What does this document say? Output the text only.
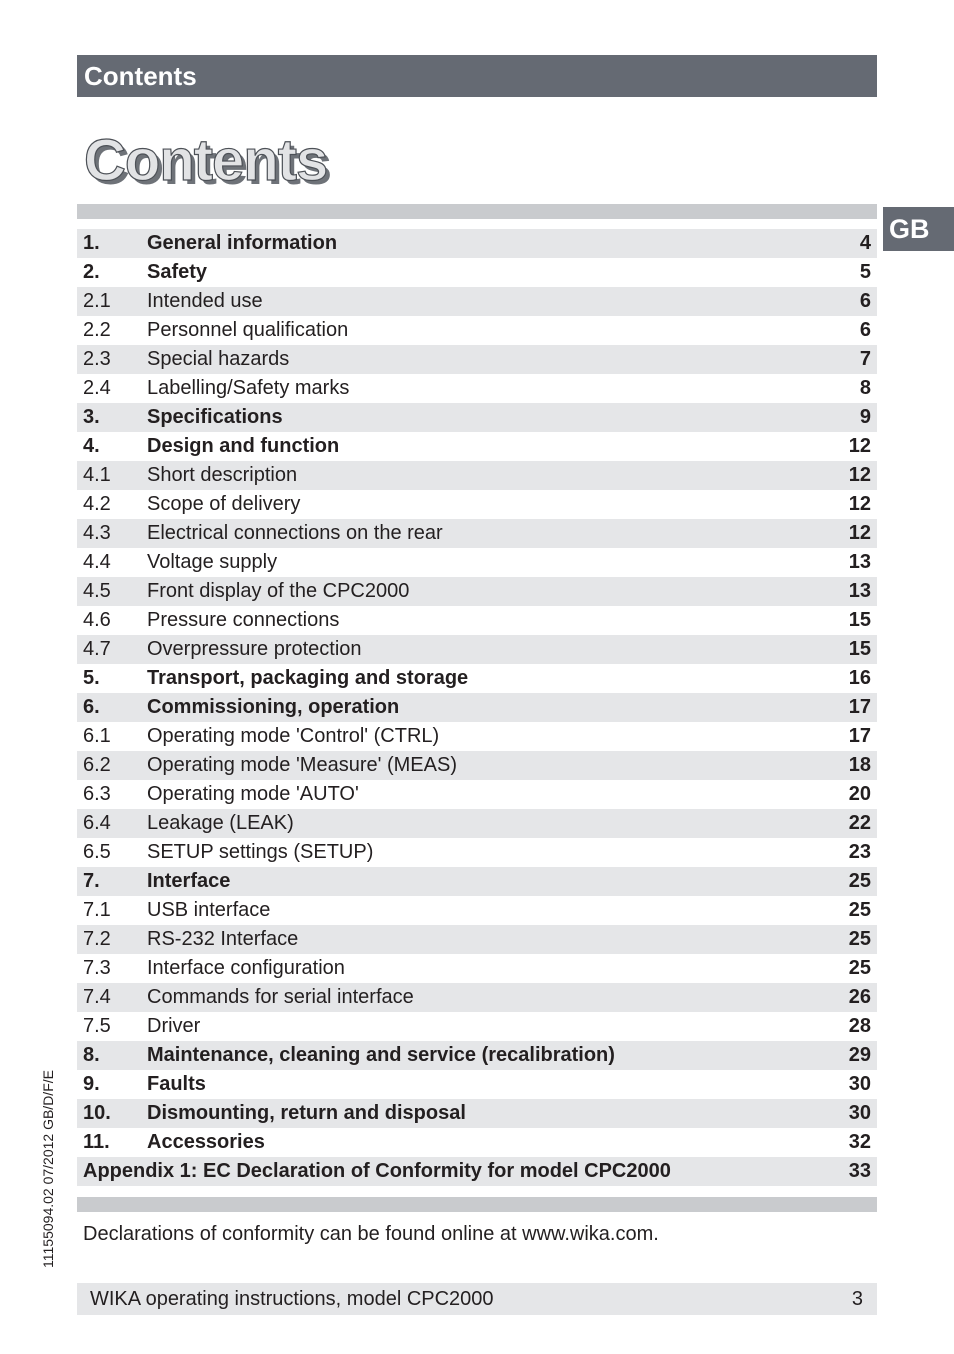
Contents
Contents
GB
1. General information	4
2. Safety	5
2.1 Intended use	6
2.2 Personnel qualification	6
2.3 Special hazards	7
2.4 Labelling/Safety marks	8
3. Specifications	9
4. Design and function	12
4.1 Short description	12
4.2 Scope of delivery	12
4.3 Electrical connections on the rear	12
4.4 Voltage supply	13
4.5 Front display of the CPC2000	13
4.6 Pressure connections	15
4.7 Overpressure protection	15
5. Transport, packaging and storage	16
6. Commissioning, operation	17
6.1 Operating mode 'Control' (CTRL)	17
6.2 Operating mode 'Measure' (MEAS)	18
6.3 Operating mode 'AUTO'	20
6.4 Leakage (LEAK)	22
6.5 SETUP settings (SETUP)	23
7. Interface	25
7.1 USB interface	25
7.2 RS-232 Interface	25
7.3 Interface configuration	25
7.4 Commands for serial interface	26
7.5 Driver	28
8. Maintenance, cleaning and service (recalibration)	29
9. Faults	30
10. Dismounting, return and disposal	30
11. Accessories	32
Appendix 1: EC Declaration of Conformity for model CPC2000	33
Declarations of conformity can be found online at www.wika.com.
11155094.02 07/2012 GB/D/F/E
WIKA operating instructions, model CPC2000	3
